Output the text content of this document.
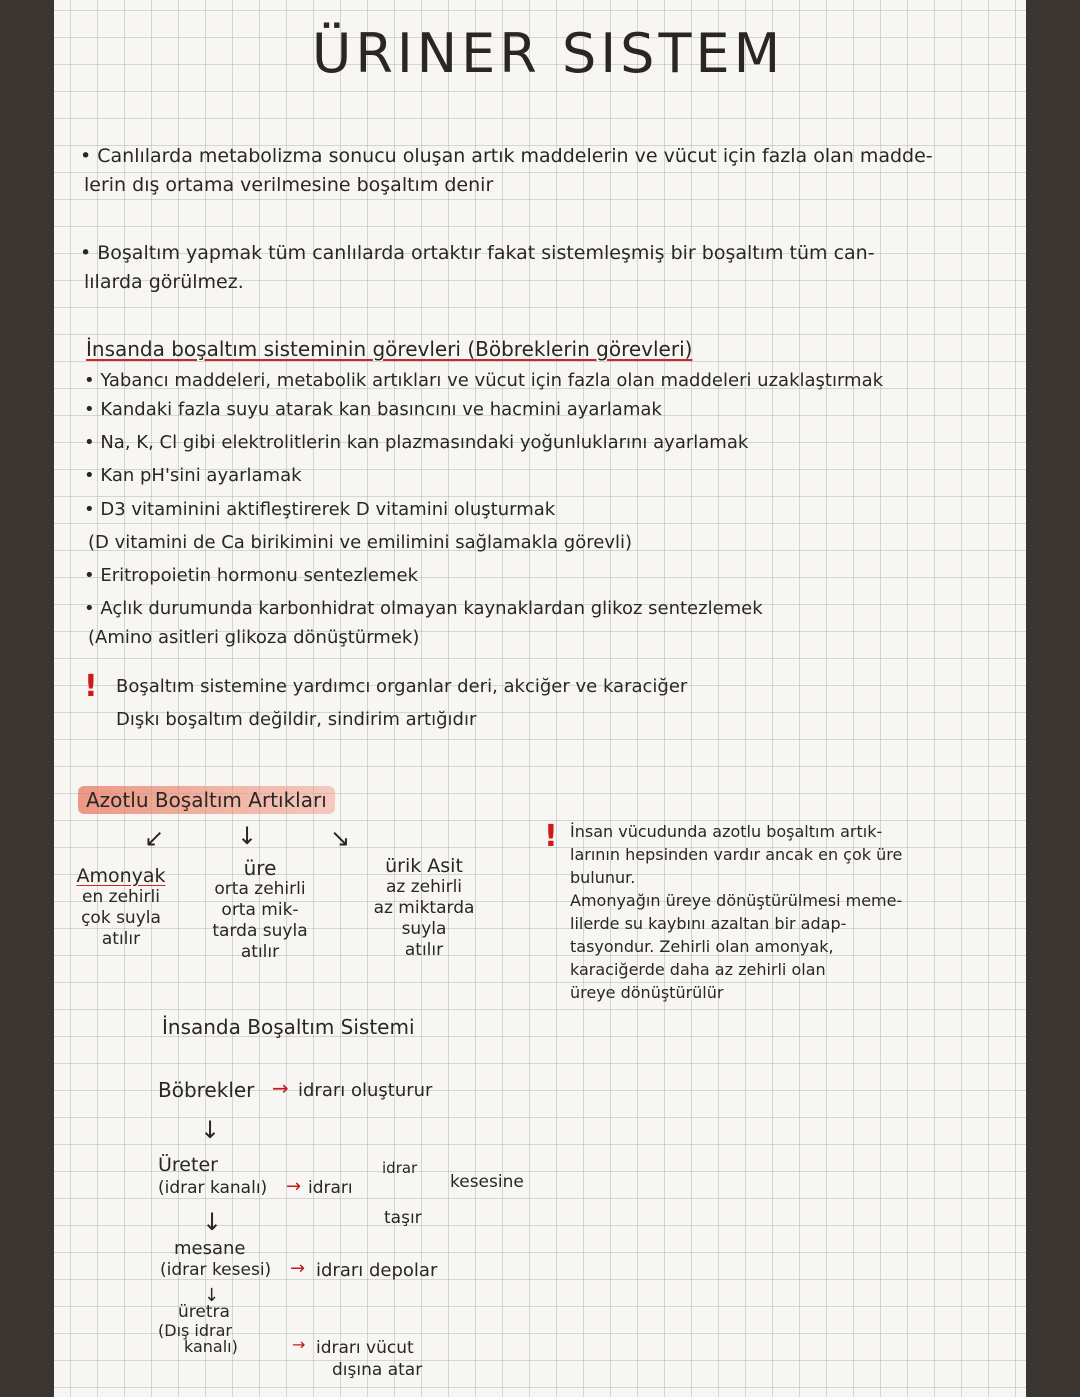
ÜRINER SISTEM
• Canlılarda metabolizma sonucu oluşan artık maddelerin ve vücut için fazla olan madde-
lerin dış ortama verilmesine boşaltım denir
• Boşaltım yapmak tüm canlılarda ortaktır fakat sistemleşmiş bir boşaltım tüm can-
lılarda görülmez.
İnsanda boşaltım sisteminin görevleri (Böbreklerin görevleri)
• Yabancı maddeleri, metabolik artıkları ve vücut için fazla olan maddeleri uzaklaştırmak
• Kandaki fazla suyu atarak kan basıncını ve hacmini ayarlamak
• Na, K, Cl gibi elektrolitlerin kan plazmasındaki yoğunluklarını ayarlamak
• Kan pH'sini ayarlamak
• D3 vitaminini aktifleştirerek D vitamini oluşturmak
(D vitamini de Ca birikimini ve emilimini sağlamakla görevli)
• Eritropoietin hormonu sentezlemek
• Açlık durumunda karbonhidrat olmayan kaynaklardan glikoz sentezlemek
(Amino asitleri glikoza dönüştürmek)
! Boşaltım sistemine yardımcı organlar deri, akciğer ve karaciğer
Dışkı boşaltım değildir, sindirim artığıdır
Azotlu Boşaltım Artıkları
↙	↓	↘
Amonyak
en zehirli
çok suyla
atılır
üre
orta zehirli
orta mik-
tarda suyla
atılır
ürik Asit
az zehirli
az miktarda
suyla
atılır
! İnsan vücudunda azotlu boşaltım artık-
larının hepsinden vardır ancak en çok üre
bulunur.
Amonyağın üreye dönüştürülmesi meme-
lilerde su kaybını azaltan bir adap-
tasyondur. Zehirli olan amonyak,
karaciğerde daha az zehirli olan
üreye dönüştürülür
İnsanda Boşaltım Sistemi
Böbrekler → idrarı oluşturur
↓
Üreter
(idrar kanalı) → idrarı
idrar
kesesine
taşır
↓
mesane
(idrar kesesi) → idrarı depolar
↓
üretra
(Dış idrar
kanalı)	→ idrarı vücut
dışına atar
